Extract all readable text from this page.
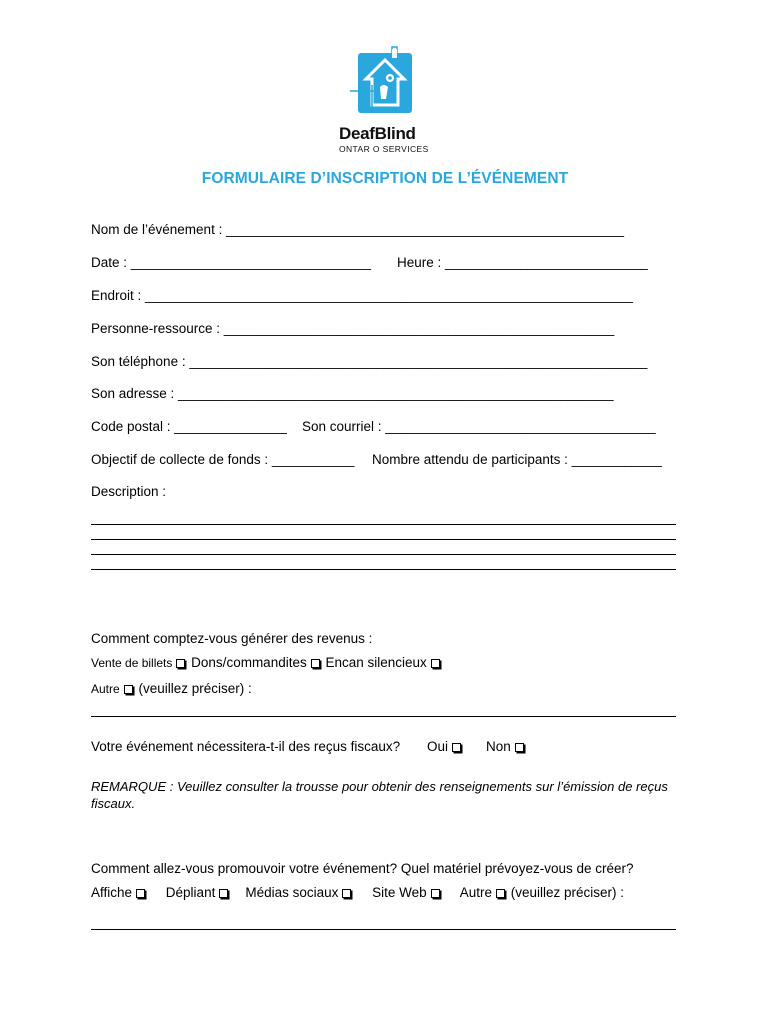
DeafBlind
ONTAR O SERVICES
FORMULAIRE D’INSCRIPTION DE L’ÉVÉNEMENT
Nom de l’événement : _____________________________________________________
Date : ________________________________ Heure : ___________________________
Endroit : _________________________________________________________________
Personne-ressource : ____________________________________________________
Son téléphone : _____________________________________________________________
Son adresse : __________________________________________________________
Code postal : _______________ Son courriel : ____________________________________
Objectif de collecte de fonds : ___________ Nombre attendu de participants : ____________
Description :
Comment comptez-vous générer des revenus :
Vente de billets Dons/commandites Encan silencieux
Autre (veuillez préciser) :
Votre événement nécessitera-t-il des reçus fiscaux? Oui	Non
REMARQUE : Veuillez consulter la trousse pour obtenir des renseignements sur l’émission de reçus fiscaux.
Comment allez-vous promouvoir votre événement? Quel matériel prévoyez-vous de créer?
Affiche	Dépliant Médias sociaux	Site Web Autre (veuillez préciser) :
